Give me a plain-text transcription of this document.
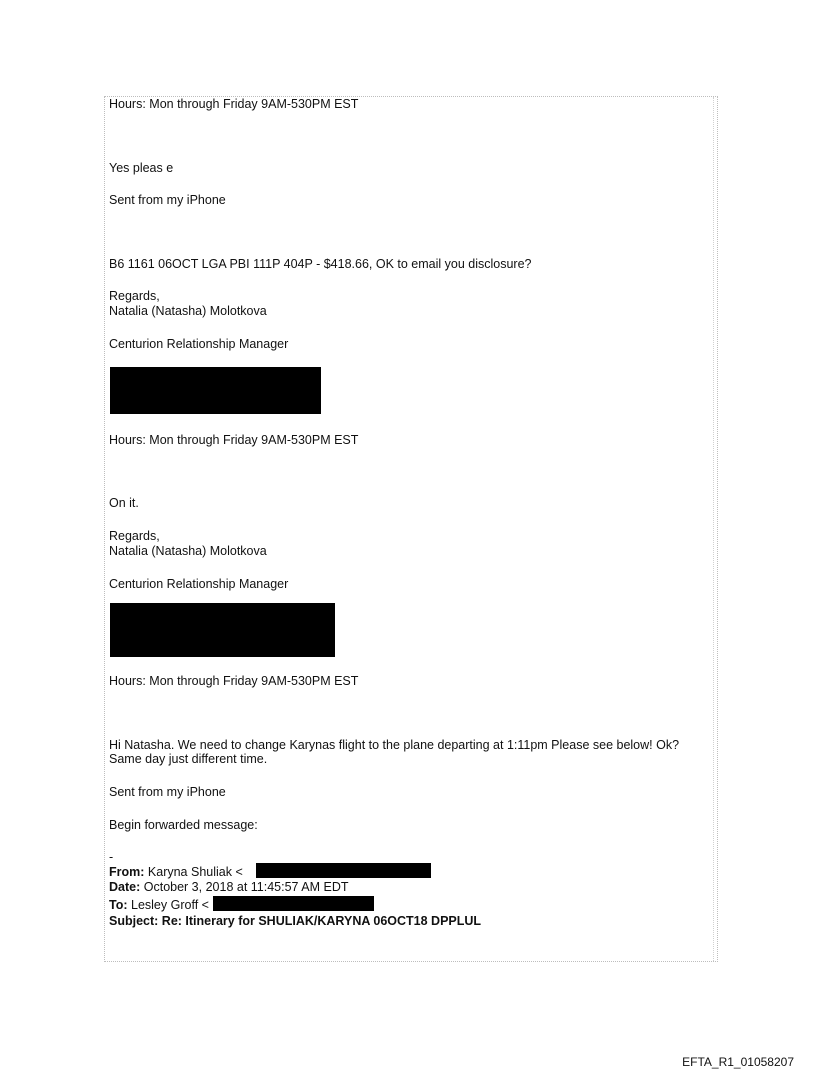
Hours: Mon through Friday 9AM-530PM EST
Yes pleas e
Sent from my iPhone
B6 1161 06OCT LGA PBI 111P 404P - $418.66, OK to email you disclosure?
Regards,
Natalia (Natasha) Molotkova
Centurion Relationship Manager
Hours: Mon through Friday 9AM-530PM EST
On it.
Regards,
Natalia (Natasha) Molotkova
Centurion Relationship Manager
Hours: Mon through Friday 9AM-530PM EST
Hi Natasha. We need to change Karynas flight to the plane departing at 1:11pm Please see below! Ok? Same day just different time.
Sent from my iPhone
Begin forwarded message:
-
From: Karyna Shuliak <
Date: October 3, 2018 at 11:45:57 AM EDT
To: Lesley Groff <
Subject: Re: Itinerary for SHULIAK/KARYNA 06OCT18 DPPLUL
EFTA_R1_01058207
